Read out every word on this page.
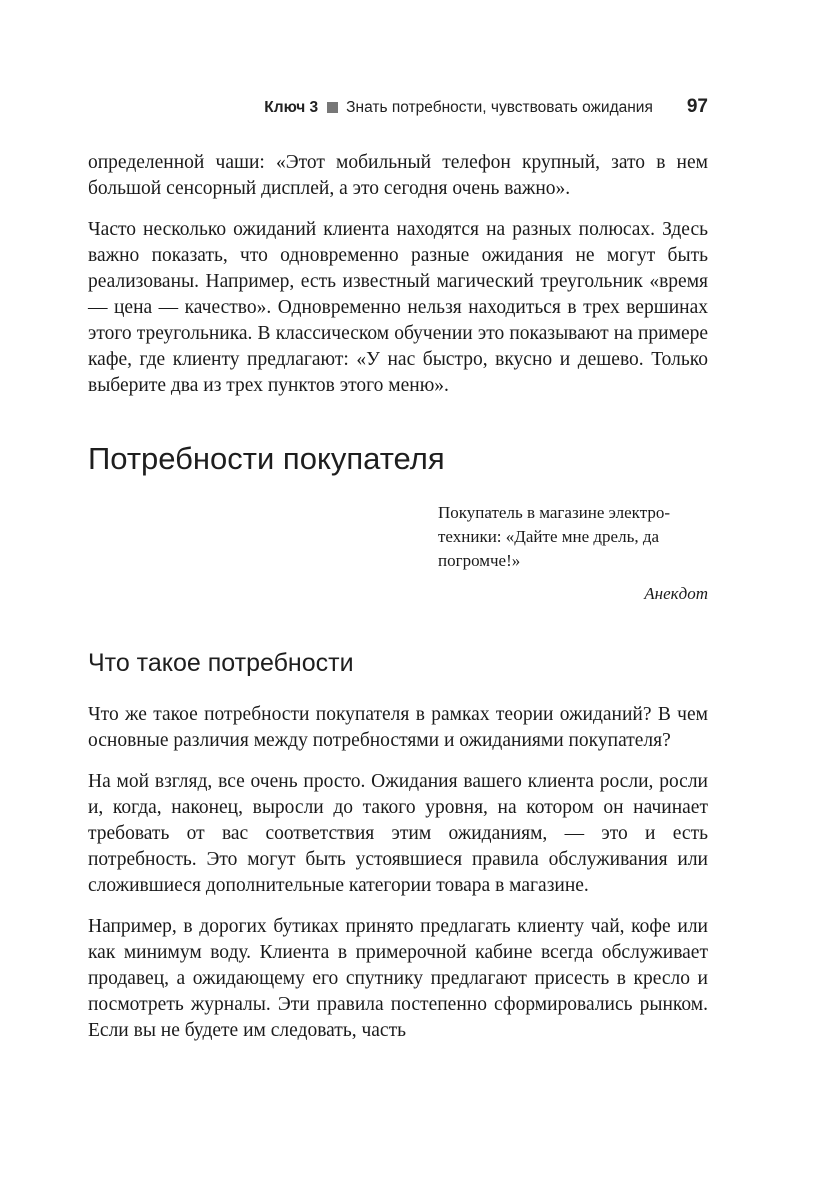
Ключ 3 Знать потребности, чувствовать ожидания 97

определенной чаши: «Этот мобильный телефон крупный, зато в нем большой сенсорный дисплей, а это сегодня очень важно».

Часто несколько ожиданий клиента находятся на разных полюсах. Здесь важно показать, что одновременно разные ожидания не могут быть реализованы. Например, есть известный магический треугольник «время — цена — качество». Одновременно нельзя находиться в трех вершинах этого треугольника. В классическом обучении это показывают на примере кафе, где клиенту предлагают: «У нас быстро, вкусно и дешево. Только выберите два из трех пунктов этого меню».

Потребности покупателя

Покупатель в магазине электротехники: «Дайте мне дрель, да погромче!»

Анекдот

Что такое потребности

Что же такое потребности покупателя в рамках теории ожиданий? В чем основные различия между потребностями и ожиданиями покупателя?

На мой взгляд, все очень просто. Ожидания вашего клиента росли, росли и, когда, наконец, выросли до такого уровня, на котором он начинает требовать от вас соответствия этим ожиданиям, — это и есть потребность. Это могут быть устоявшиеся правила обслуживания или сложившиеся дополнительные категории товара в магазине.

Например, в дорогих бутиках принято предлагать клиенту чай, кофе или как минимум воду. Клиента в примерочной кабине всегда обслуживает продавец, а ожидающему его спутнику предлагают присесть в кресло и посмотреть журналы. Эти правила постепенно сформировались рынком. Если вы не будете им следовать, часть
